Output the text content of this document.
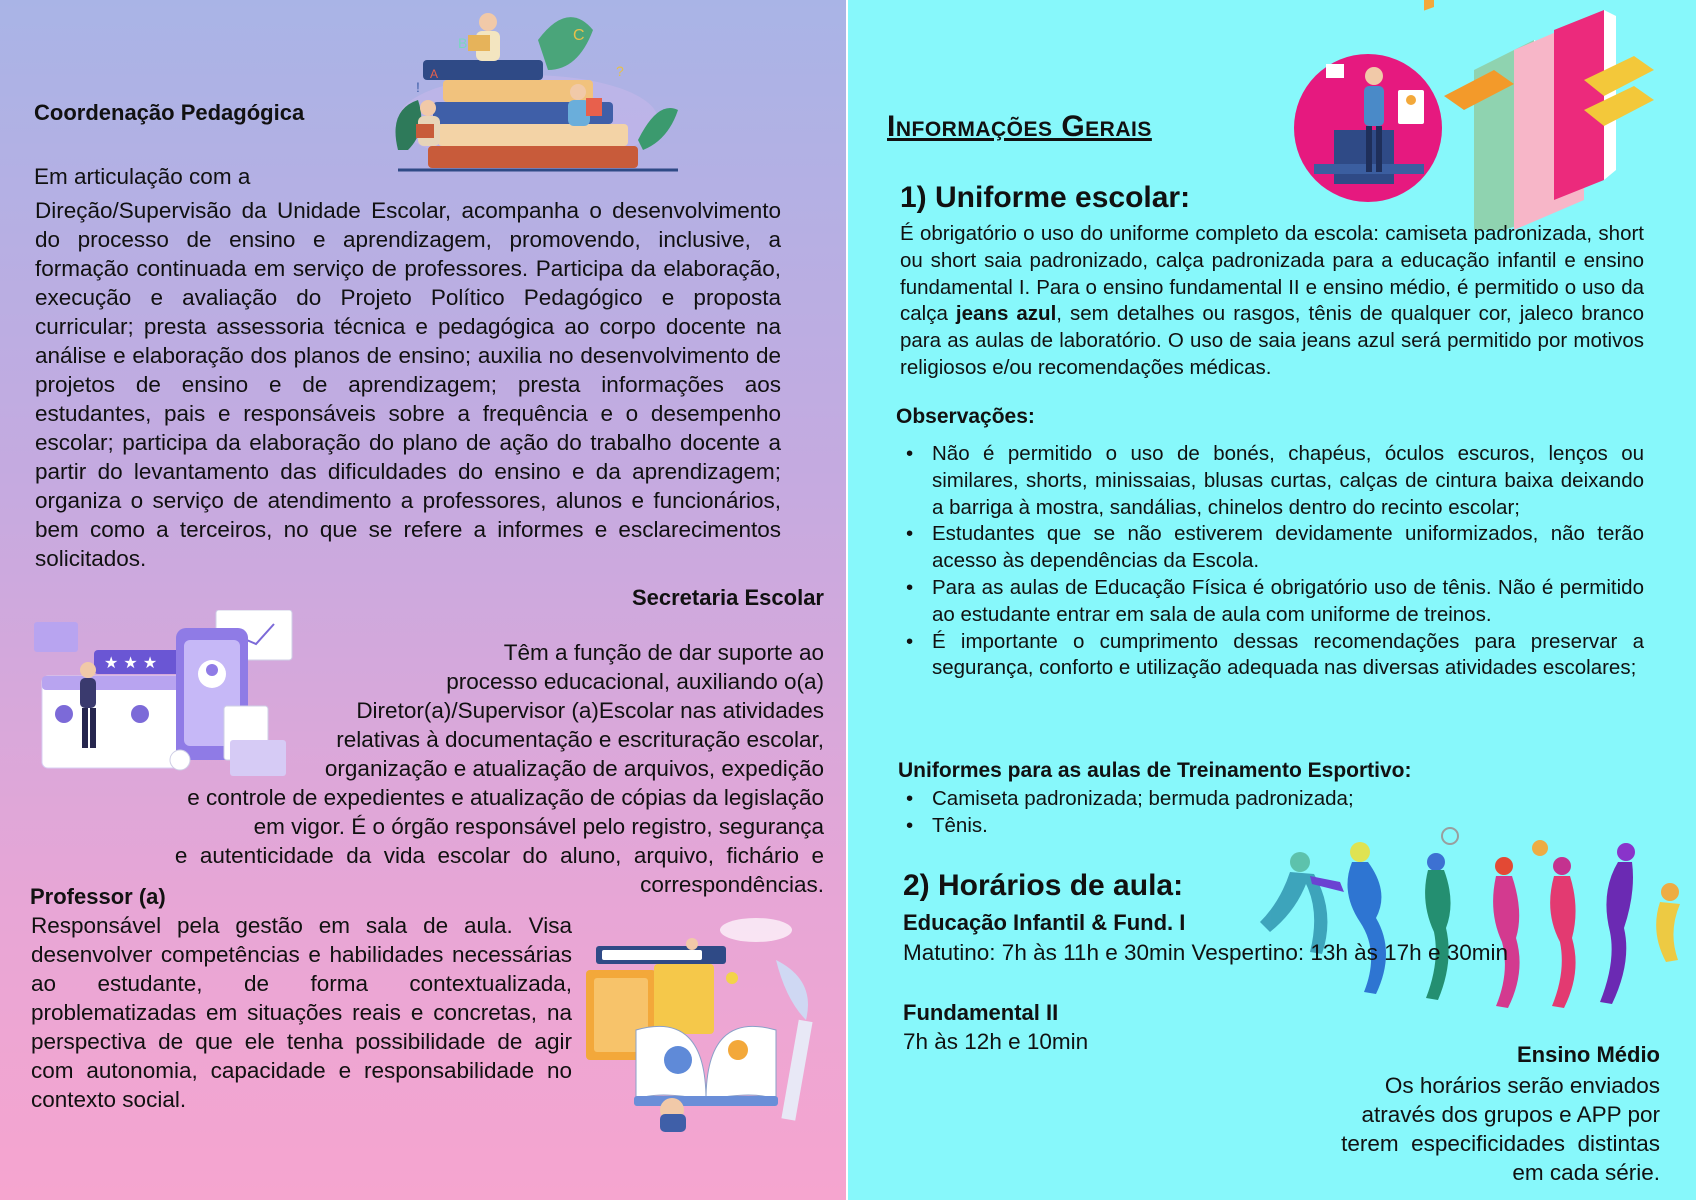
B	C
?
!
A
Coordenação Pedagógica
Em articulação com a
Direção/Supervisão da Unidade Escolar, acompanha o desenvolvimento do processo de ensino e aprendizagem, promovendo, inclusive, a formação continuada em serviço de professores. Participa da elaboração, execução e avaliação do Projeto Político Pedagógico e proposta curricular; presta assessoria técnica e pedagógica ao corpo docente na análise e elaboração dos planos de ensino; auxilia no desenvolvimento de projetos de ensino e de aprendizagem; presta informações aos estudantes, pais e responsáveis sobre a frequência e o desempenho escolar; participa da elaboração do plano de ação do trabalho docente a partir do levantamento das dificuldades do ensino e da aprendizagem; organiza o serviço de atendimento a professores, alunos e funcionários, bem como a terceiros, no que se refere a informes e esclarecimentos solicitados.
Secretaria Escolar
★ ★ ★	Têm a função de dar suporte ao
processo educacional, auxiliando o(a)
Diretor(a)/Supervisor (a)Escolar nas atividades
relativas à documentação e escrituração escolar,
organização e atualização de arquivos, expedição
e controle de expedientes e atualização de cópias da legislação
em vigor. É o órgão responsável pelo registro, segurança
e  autenticidade  da  vida  escolar  do  aluno,  arquivo,  fichário  e
correspondências.
Professor (a)
Responsável pela gestão em sala de aula. Visa desenvolver competências e habilidades necessárias ao estudante, de forma contextualizada, problematizadas em situações reais e concretas, na perspectiva de que ele tenha possibilidade de agir com autonomia, capacidade e responsabilidade no contexto social.
Informações Gerais
1) Uniforme escolar:
É obrigatório o uso do uniforme completo da escola: camiseta padronizada, short ou short saia padronizado, calça padronizada para a educação infantil e ensino fundamental I. Para o ensino fundamental II e ensino médio, é permitido o uso da calça jeans azul, sem detalhes ou rasgos, tênis de qualquer cor, jaleco branco para as aulas de laboratório. O uso de saia jeans azul será permitido por motivos religiosos e/ou recomendações médicas.
Observações:
• Não é permitido o uso de bonés, chapéus, óculos escuros, lenços ou similares, shorts, minissaias, blusas curtas, calças de cintura baixa deixando a barriga à mostra, sandálias, chinelos dentro do recinto escolar;
• Estudantes que se não estiverem devidamente uniformizados, não terão acesso às dependências da Escola.
• Para as aulas de Educação Física é obrigatório uso de tênis. Não é permitido ao estudante entrar em sala de aula com uniforme de treinos.
• É importante o cumprimento dessas recomendações para preservar a segurança, conforto e utilização adequada nas diversas atividades escolares;
Uniformes para as aulas de Treinamento Esportivo:
• Camiseta padronizada; bermuda padronizada;
• Tênis.
2) Horários de aula:
Educação Infantil & Fund. I
Matutino: 7h às 11h e 30min Vespertino: 13h às 17h e 30min
Fundamental II
7h às 12h e 10min
Ensino Médio
Os horários serão enviados
através dos grupos e APP por
terem  especificidades  distintas
em cada série.
